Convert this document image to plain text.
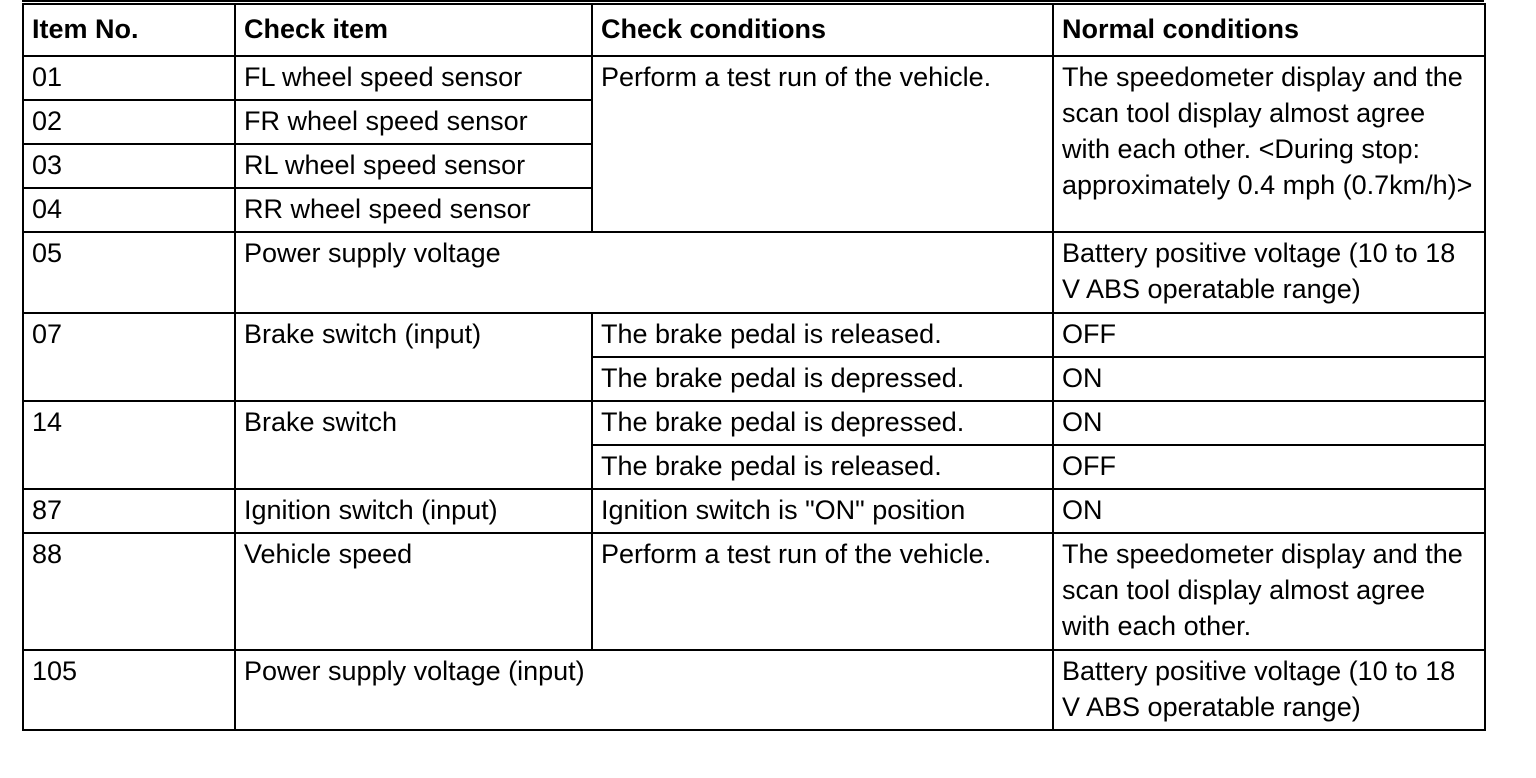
Item No.	Check item	Check conditions	Normal conditions
01	FL wheel speed sensor	Perform a test run of the vehicle.	The speedometer display and the scan tool display almost agree with each other. <During stop: approximately 0.4 mph (0.7km/h)>
02	FR wheel speed sensor		
03	RL wheel speed sensor		
04	RR wheel speed sensor		
05	Power supply voltage		Battery positive voltage (10 to 18 V ABS operatable range)
07	Brake switch (input)	The brake pedal is released.	OFF
		The brake pedal is depressed.	ON
14	Brake switch	The brake pedal is depressed.	ON
		The brake pedal is released.	OFF
87	Ignition switch (input)	Ignition switch is "ON" position	ON
88	Vehicle speed	Perform a test run of the vehicle.	The speedometer display and the scan tool display almost agree with each other.
105	Power supply voltage (input)		Battery positive voltage (10 to 18 V ABS operatable range)
